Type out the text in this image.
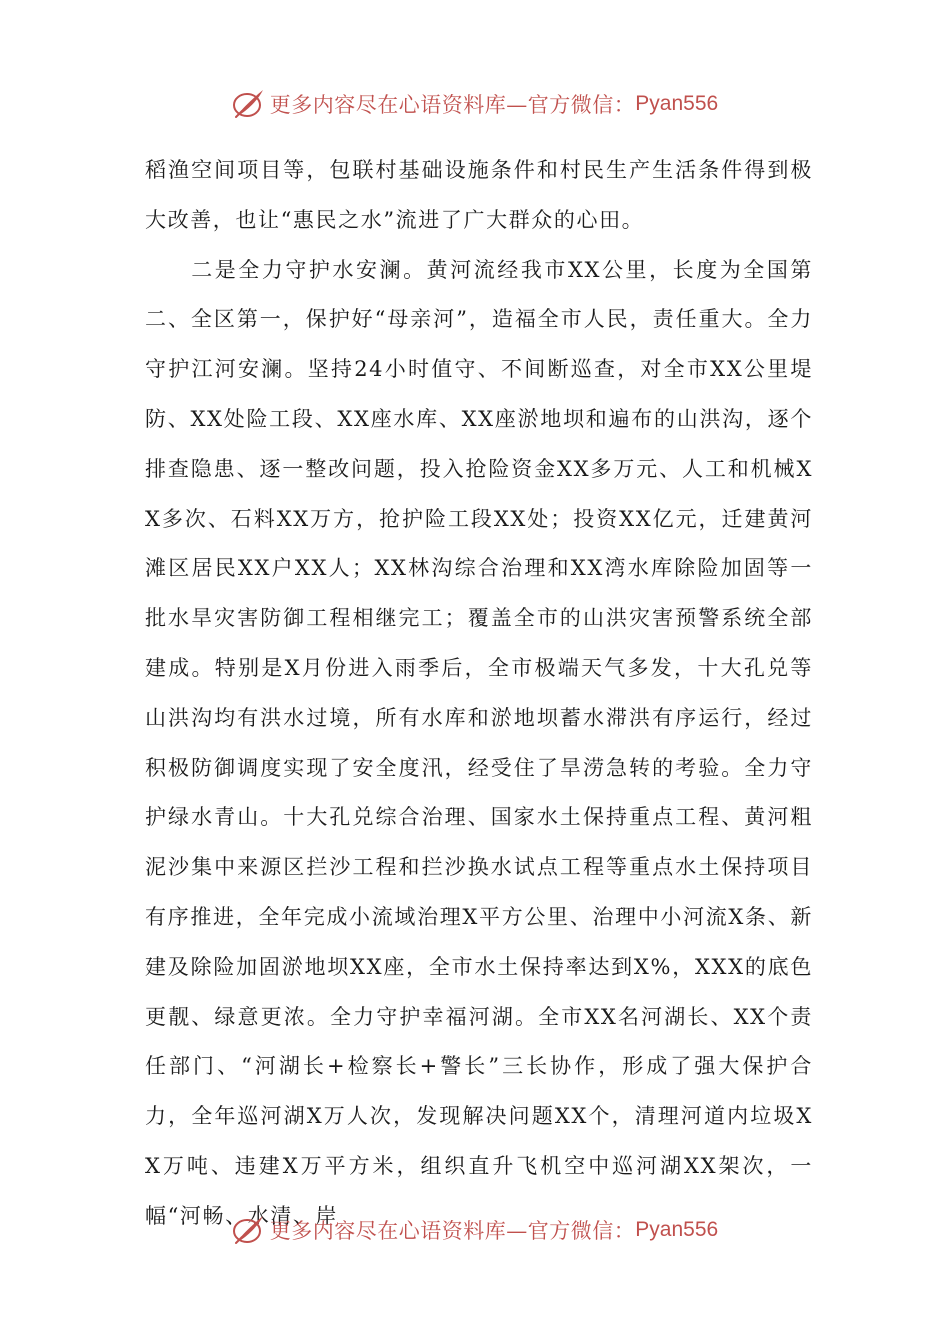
更多内容尽在心语资料库—官方微信： Pyan556

稻渔空间项目等，包联村基础设施条件和村民生产生活条件得到极大改善，也让“惠民之水”流进了广大群众的心田。

二是全力守护水安澜。黄河流经我市XX公里，长度为全国第二、全区第一，保护好“母亲河”，造福全市人民，责任重大。全力守护江河安澜。坚持24小时值守、不间断巡查，对全市XX公里堤防、XX处险工段、XX座水库、XX座淤地坝和遍布的山洪沟，逐个排查隐患、逐一整改问题，投入抢险资金XX多万元、人工和机械XX多次、石料XX万方，抢护险工段XX处；投资XX亿元，迁建黄河滩区居民XX户XX人；XX林沟综合治理和XX湾水库除险加固等一批水旱灾害防御工程相继完工；覆盖全市的山洪灾害预警系统全部建成。特别是X月份进入雨季后，全市极端天气多发，十大孔兑等山洪沟均有洪水过境，所有水库和淤地坝蓄水滞洪有序运行，经过积极防御调度实现了安全度汛，经受住了旱涝急转的考验。全力守护绿水青山。十大孔兑综合治理、国家水土保持重点工程、黄河粗泥沙集中来源区拦沙工程和拦沙换水试点工程等重点水土保持项目有序推进，全年完成小流域治理X平方公里、治理中小河流X条、新建及除险加固淤地坝XX座，全市水土保持率达到X%，XXX的底色更靓、绿意更浓。全力守护幸福河湖。全市XX名河湖长、XX个责任部门、“河湖长+检察长+警长”三长协作，形成了强大保护合力，全年巡河湖X万人次，发现解决问题XX个，清理河道内垃圾XX万吨、违建X万平方米，组织直升飞机空中巡河湖XX架次，一幅“河畅、水清、岸

更多内容尽在心语资料库—官方微信： Pyan556
